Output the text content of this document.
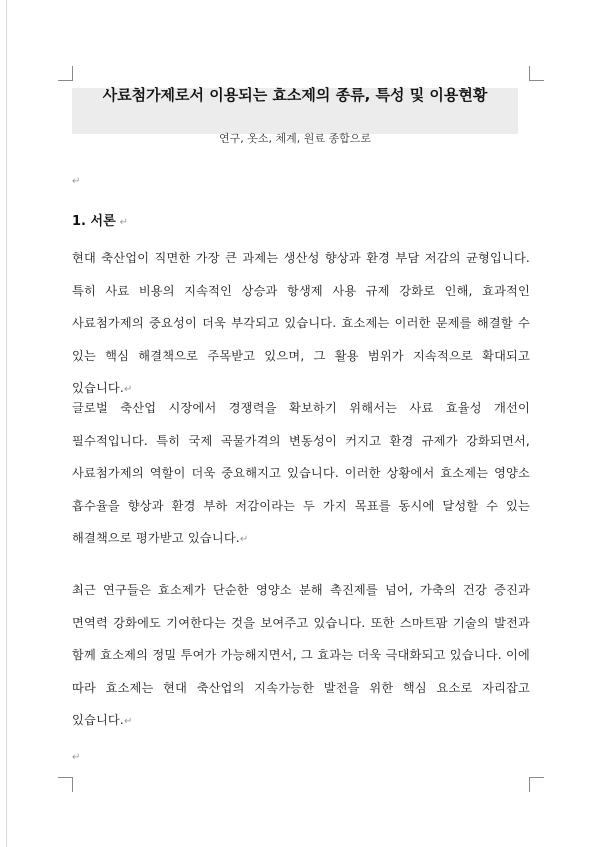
사료첨가제로서 이용되는 효소제의 종류, 특성 및 이용현황
연구, 옷소, 체계, 원료 종합으로
↵
1. 서론 ↵
현대 축산업이 직면한 가장 큰 과제는 생산성 향상과 환경 부담 저감의 균형입니다. 특히 사료 비용의 지속적인 상승과 항생제 사용 규제 강화로 인해, 효과적인 사료첨가제의 중요성이 더욱 부각되고 있습니다. 효소제는 이러한 문제를 해결할 수 있는 핵심 해결책으로 주목받고 있으며, 그 활용 범위가 지속적으로 확대되고 있습니다.↵
글로벌 축산업 시장에서 경쟁력을 확보하기 위해서는 사료 효율성 개선이 필수적입니다. 특히 국제 곡물가격의 변동성이 커지고 환경 규제가 강화되면서, 사료첨가제의 역할이 더욱 중요해지고 있습니다. 이러한 상황에서 효소제는 영양소 흡수율을 향상과 환경 부하 저감이라는 두 가지 목표를 동시에 달성할 수 있는 해결책으로 평가받고 있습니다.↵
최근 연구들은 효소제가 단순한 영양소 분해 촉진제를 넘어, 가축의 건강 증진과 면역력 강화에도 기여한다는 것을 보여주고 있습니다. 또한 스마트팜 기술의 발전과 함께 효소제의 정밀 투여가 가능해지면서, 그 효과는 더욱 극대화되고 있습니다. 이에 따라 효소제는 현대 축산업의 지속가능한 발전을 위한 핵심 요소로 자리잡고 있습니다.↵
↵
